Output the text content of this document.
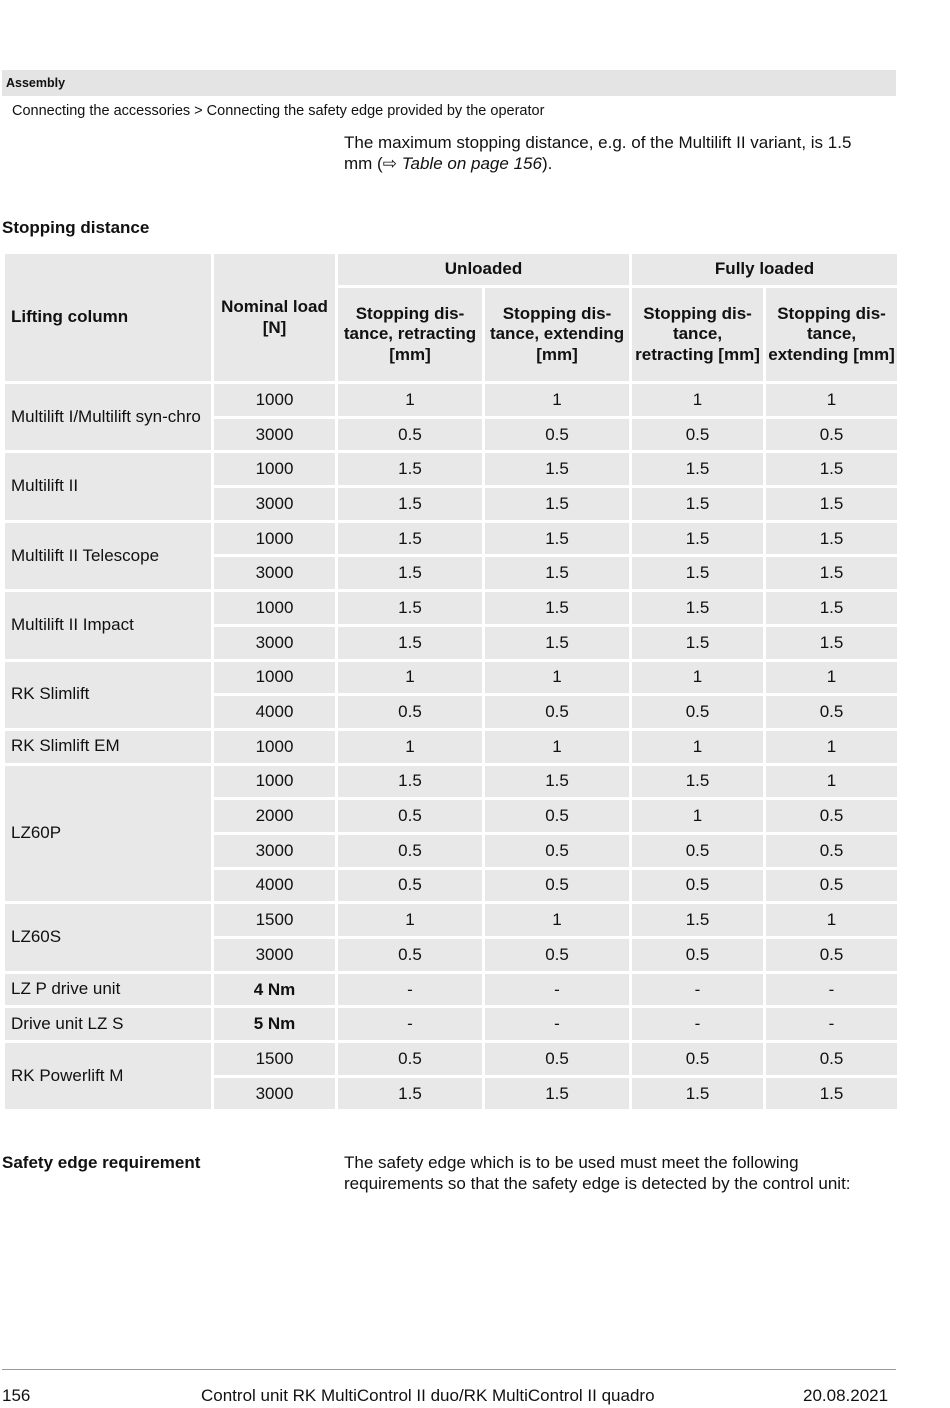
Assembly
Connecting the accessories > Connecting the safety edge provided by the operator
The maximum stopping distance, e.g. of the Multilift II variant, is 1.5 mm (⇨ Table on page 156).
Stopping distance
Lifting column	Nominal load [N]	Unloaded		Fully loaded	
		Stopping dis-tance, retracting [mm]	Stopping dis-tance, extending [mm]	Stopping dis-tance, retracting [mm]	Stopping dis-tance, extending [mm]
Multilift I/Multilift syn-chro	1000	1	1	1	1
	3000	0.5	0.5	0.5	0.5
Multilift II	1000	1.5	1.5	1.5	1.5
	3000	1.5	1.5	1.5	1.5
Multilift II Telescope	1000	1.5	1.5	1.5	1.5
	3000	1.5	1.5	1.5	1.5
Multilift II Impact	1000	1.5	1.5	1.5	1.5
	3000	1.5	1.5	1.5	1.5
RK Slimlift	1000	1	1	1	1
	4000	0.5	0.5	0.5	0.5
RK Slimlift EM	1000	1	1	1	1
LZ60P	1000	1.5	1.5	1.5	1
	2000	0.5	0.5	1	0.5
	3000	0.5	0.5	0.5	0.5
	4000	0.5	0.5	0.5	0.5
LZ60S	1500	1	1	1.5	1
	3000	0.5	0.5	0.5	0.5
LZ P drive unit	4 Nm	-	-	-	-
Drive unit LZ S	5 Nm	-	-	-	-
RK Powerlift M	1500	0.5	0.5	0.5	0.5
	3000	1.5	1.5	1.5	1.5
Safety edge requirement	The safety edge which is to be used must meet the following requirements so that the safety edge is detected by the control unit:
156	Control unit RK MultiControl II duo/RK MultiControl II quadro	20.08.2021
